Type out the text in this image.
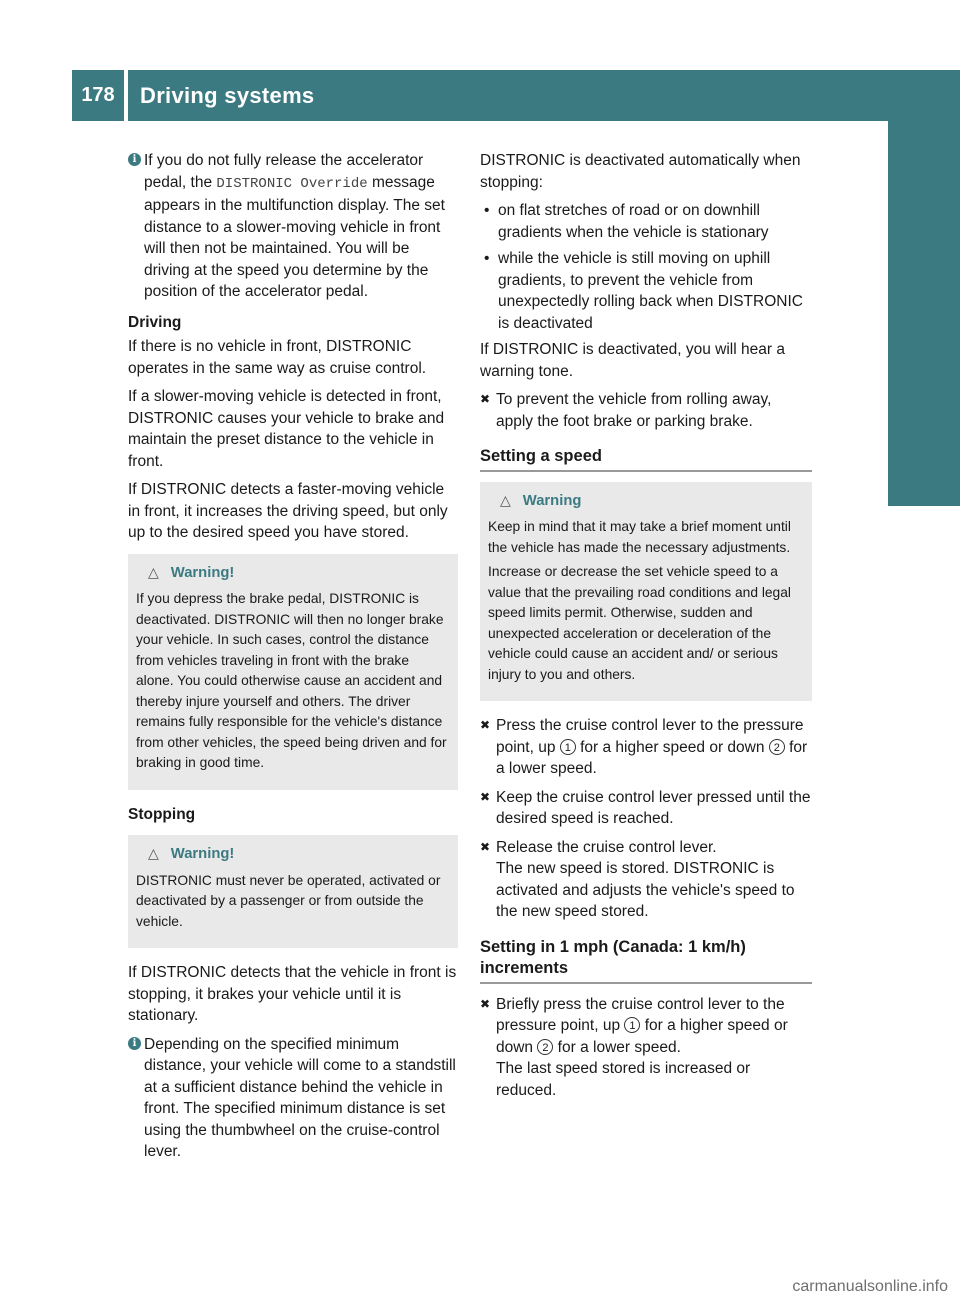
178	Driving systems
Driving and parking
i If you do not fully release the accelerator pedal, the DISTRONIC Override message appears in the multifunction display. The set distance to a slower-moving vehicle in front will then not be maintained. You will be driving at the speed you determine by the position of the accelerator pedal.

Driving

If there is no vehicle in front, DISTRONIC operates in the same way as cruise control.

If a slower-moving vehicle is detected in front, DISTRONIC causes your vehicle to brake and maintain the preset distance to the vehicle in front.

If DISTRONIC detects a faster-moving vehicle in front, it increases the driving speed, but only up to the desired speed you have stored.

△ Warning!

If you depress the brake pedal, DISTRONIC is deactivated. DISTRONIC will then no longer brake your vehicle. In such cases, control the distance from vehicles traveling in front with the brake alone. You could otherwise cause an accident and thereby injure yourself and others. The driver remains fully responsible for the vehicle's distance from other vehicles, the speed being driven and for braking in good time.

Stopping

△ Warning!

DISTRONIC must never be operated, activated or deactivated by a passenger or from outside the vehicle.

If DISTRONIC detects that the vehicle in front is stopping, it brakes your vehicle until it is stationary.

i Depending on the specified minimum distance, your vehicle will come to a standstill at a sufficient distance behind the vehicle in front. The specified minimum distance is set using the thumbwheel on the cruise-control lever.

DISTRONIC is deactivated automatically when stopping:

• on flat stretches of road or on downhill gradients when the vehicle is stationary
• while the vehicle is still moving on uphill gradients, to prevent the vehicle from unexpectedly rolling back when DISTRONIC is deactivated

If DISTRONIC is deactivated, you will hear a warning tone.

✖ To prevent the vehicle from rolling away, apply the foot brake or parking brake.
Setting a speed
△ Warning

Keep in mind that it may take a brief moment until the vehicle has made the necessary adjustments.

Increase or decrease the set vehicle speed to a value that the prevailing road conditions and legal speed limits permit. Otherwise, sudden and unexpected acceleration or deceleration of the vehicle could cause an accident and/ or serious injury to you and others.

✖ Press the cruise control lever to the pressure point, up 1 for a higher speed or down 2 for a lower speed.
✖ Keep the cruise control lever pressed until the desired speed is reached.
✖ Release the cruise control lever.
The new speed is stored. DISTRONIC is activated and adjusts the vehicle's speed to the new speed stored.
Setting in 1 mph (Canada: 1 km/h) increments
✖ Briefly press the cruise control lever to the pressure point, up 1 for a higher speed or down 2 for a lower speed.
The last speed stored is increased or reduced.
carmanualsonline.info
